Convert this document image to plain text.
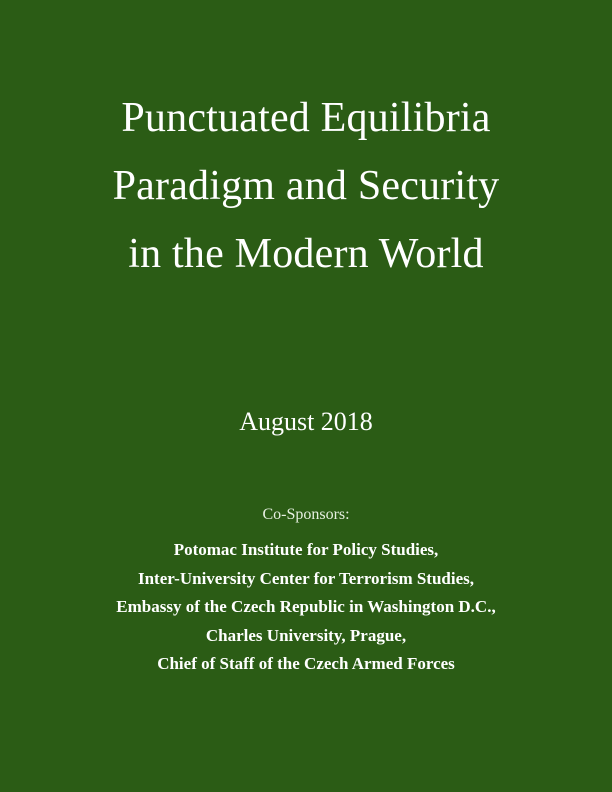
Punctuated Equilibria
Paradigm and Security
in the Modern World
August 2018
Co-Sponsors:
Potomac Institute for Policy Studies,
Inter-University Center for Terrorism Studies,
Embassy of the Czech Republic in Washington D.C.,
Charles University, Prague,
Chief of Staff of the Czech Armed Forces
